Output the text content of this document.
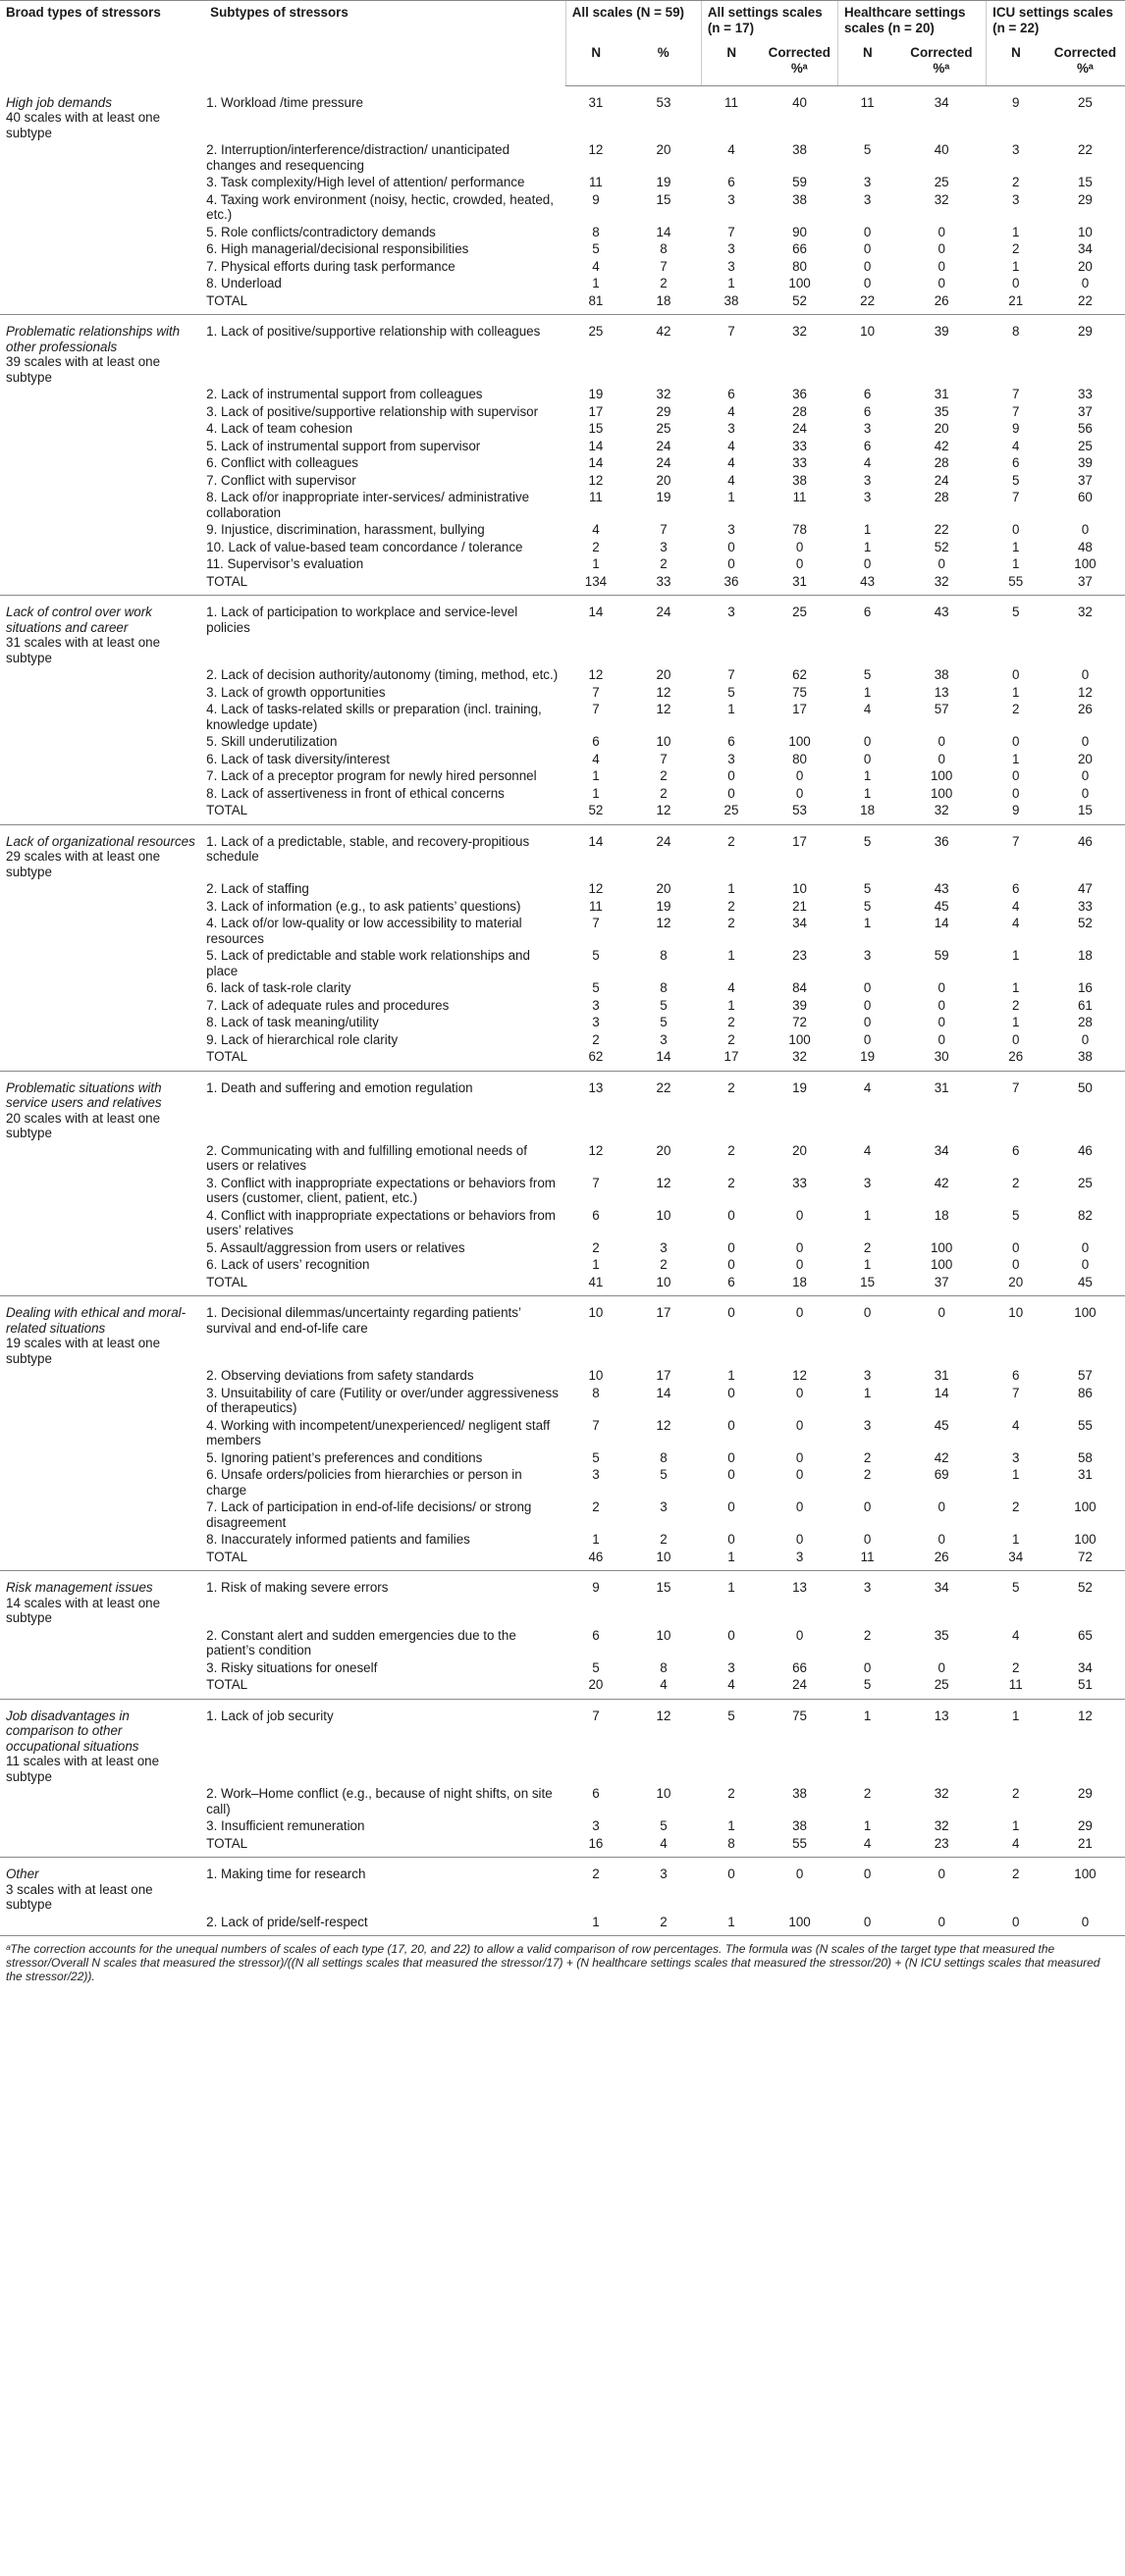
Broad types of stressors	Subtypes of stressors	All scales (N = 59)		All settings scales (n = 17)		Healthcare settings scales (n = 20)		ICU settings scales (n = 22)	
		N	%	N	Corrected %ᵃ	N	Corrected %ᵃ	N	Corrected %ᵃ
High job demands
40 scales with at least one subtype	1. Workload /time pressure	31	53	11	40	11	34	9	25
	2. Interruption/interference/distraction/ unanticipated changes and resequencing	12	20	4	38	5	40	3	22
	3. Task complexity/High level of attention/ performance	11	19	6	59	3	25	2	15
	4. Taxing work environment (noisy, hectic, crowded, heated, etc.)	9	15	3	38	3	32	3	29
	5. Role conflicts/contradictory demands	8	14	7	90	0	0	1	10
	6. High managerial/decisional responsibilities	5	8	3	66	0	0	2	34
	7. Physical efforts during task performance	4	7	3	80	0	0	1	20
	8. Underload	1	2	1	100	0	0	0	0
	TOTAL	81	18	38	52	22	26	21	22
Problematic relationships with other professionals
39 scales with at least one subtype	1. Lack of positive/supportive relationship with colleagues	25	42	7	32	10	39	8	29
	2. Lack of instrumental support from colleagues	19	32	6	36	6	31	7	33
	3. Lack of positive/supportive relationship with supervisor	17	29	4	28	6	35	7	37
	4. Lack of team cohesion	15	25	3	24	3	20	9	56
	5. Lack of instrumental support from supervisor	14	24	4	33	6	42	4	25
	6. Conflict with colleagues	14	24	4	33	4	28	6	39
	7. Conflict with supervisor	12	20	4	38	3	24	5	37
	8. Lack of/or inappropriate inter-services/ administrative collaboration	11	19	1	11	3	28	7	60
	9. Injustice, discrimination, harassment, bullying	4	7	3	78	1	22	0	0
	10. Lack of value-based team concordance / tolerance	2	3	0	0	1	52	1	48
	11. Supervisor’s evaluation	1	2	0	0	0	0	1	100
	TOTAL	134	33	36	31	43	32	55	37
Lack of control over work situations and career
31 scales with at least one subtype	1. Lack of participation to workplace and service-level policies	14	24	3	25	6	43	5	32
	2. Lack of decision authority/autonomy (timing, method, etc.)	12	20	7	62	5	38	0	0
	3. Lack of growth opportunities	7	12	5	75	1	13	1	12
	4. Lack of tasks-related skills or preparation (incl. training, knowledge update)	7	12	1	17	4	57	2	26
	5. Skill underutilization	6	10	6	100	0	0	0	0
	6. Lack of task diversity/interest	4	7	3	80	0	0	1	20
	7. Lack of a preceptor program for newly hired personnel	1	2	0	0	1	100	0	0
	8. Lack of assertiveness in front of ethical concerns	1	2	0	0	1	100	0	0
	TOTAL	52	12	25	53	18	32	9	15
Lack of organizational resources
29 scales with at least one subtype	1. Lack of a predictable, stable, and recovery-propitious schedule	14	24	2	17	5	36	7	46
	2. Lack of staffing	12	20	1	10	5	43	6	47
	3. Lack of information (e.g., to ask patients’ questions)	11	19	2	21	5	45	4	33
	4. Lack of/or low-quality or low accessibility to material resources	7	12	2	34	1	14	4	52
	5. Lack of predictable and stable work relationships and place	5	8	1	23	3	59	1	18
	6. lack of task-role clarity	5	8	4	84	0	0	1	16
	7. Lack of adequate rules and procedures	3	5	1	39	0	0	2	61
	8. Lack of task meaning/utility	3	5	2	72	0	0	1	28
	9. Lack of hierarchical role clarity	2	3	2	100	0	0	0	0
	TOTAL	62	14	17	32	19	30	26	38
Problematic situations with service users and relatives
20 scales with at least one subtype	1. Death and suffering and emotion regulation	13	22	2	19	4	31	7	50
	2. Communicating with and fulfilling emotional needs of users or relatives	12	20	2	20	4	34	6	46
	3. Conflict with inappropriate expectations or behaviors from users (customer, client, patient, etc.)	7	12	2	33	3	42	2	25
	4. Conflict with inappropriate expectations or behaviors from users’ relatives	6	10	0	0	1	18	5	82
	5. Assault/aggression from users or relatives	2	3	0	0	2	100	0	0
	6. Lack of users’ recognition	1	2	0	0	1	100	0	0
	TOTAL	41	10	6	18	15	37	20	45
Dealing with ethical and moral-related situations
19 scales with at least one subtype	1. Decisional dilemmas/uncertainty regarding patients’ survival and end-of-life care	10	17	0	0	0	0	10	100
	2. Observing deviations from safety standards	10	17	1	12	3	31	6	57
	3. Unsuitability of care (Futility or over/under aggressiveness of therapeutics)	8	14	0	0	1	14	7	86
	4. Working with incompetent/unexperienced/ negligent staff members	7	12	0	0	3	45	4	55
	5. Ignoring patient’s preferences and conditions	5	8	0	0	2	42	3	58
	6. Unsafe orders/policies from hierarchies or person in charge	3	5	0	0	2	69	1	31
	7. Lack of participation in end-of-life decisions/ or strong disagreement	2	3	0	0	0	0	2	100
	8. Inaccurately informed patients and families	1	2	0	0	0	0	1	100
	TOTAL	46	10	1	3	11	26	34	72
Risk management issues
14 scales with at least one subtype	1. Risk of making severe errors	9	15	1	13	3	34	5	52
	2. Constant alert and sudden emergencies due to the patient’s condition	6	10	0	0	2	35	4	65
	3. Risky situations for oneself	5	8	3	66	0	0	2	34
	TOTAL	20	4	4	24	5	25	11	51
Job disadvantages in comparison to other occupational situations
11 scales with at least one subtype	1. Lack of job security	7	12	5	75	1	13	1	12
	2. Work–Home conflict (e.g., because of night shifts, on site call)	6	10	2	38	2	32	2	29
	3. Insufficient remuneration	3	5	1	38	1	32	1	29
	TOTAL	16	4	8	55	4	23	4	21
Other
3 scales with at least one subtype	1. Making time for research	2	3	0	0	0	0	2	100
	2. Lack of pride/self-respect	1	2	1	100	0	0	0	0
ᵃThe correction accounts for the unequal numbers of scales of each type (17, 20, and 22) to allow a valid comparison of row percentages. The formula was (N scales of the target type that measured the stressor/Overall N scales that measured the stressor)/((N all settings scales that measured the stressor/17) + (N healthcare settings scales that measured the stressor/20) + (N ICU settings scales that measured the stressor/22)).
